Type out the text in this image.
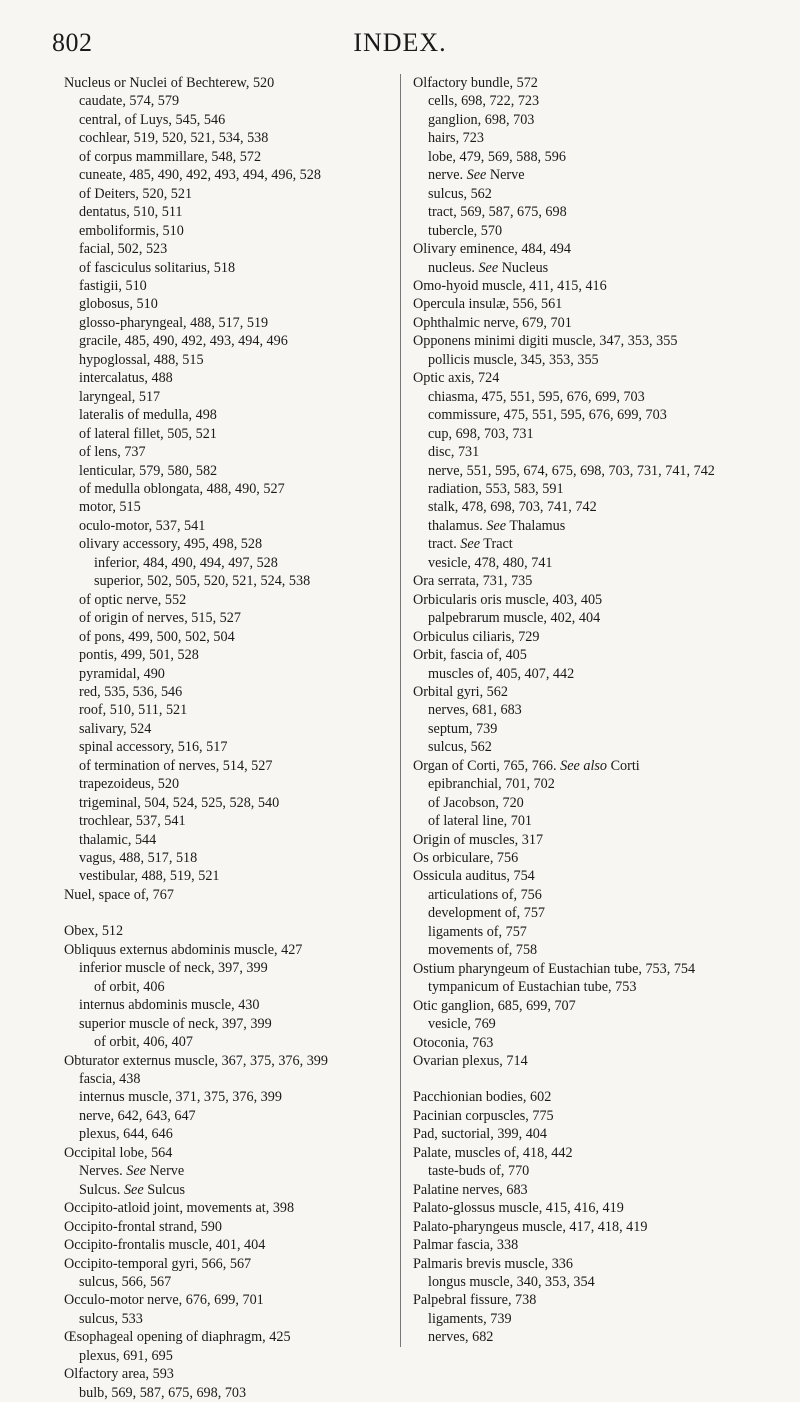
802	INDEX.
Nucleus or Nuclei of Bechterew, 520
caudate, 574, 579
central, of Luys, 545, 546
cochlear, 519, 520, 521, 534, 538
of corpus mammillare, 548, 572
cuneate, 485, 490, 492, 493, 494, 496, 528
of Deiters, 520, 521
dentatus, 510, 511
emboliformis, 510
facial, 502, 523
of fasciculus solitarius, 518
fastigii, 510
globosus, 510
glosso-pharyngeal, 488, 517, 519
gracile, 485, 490, 492, 493, 494, 496
hypoglossal, 488, 515
intercalatus, 488
laryngeal, 517
lateralis of medulla, 498
of lateral fillet, 505, 521
of lens, 737
lenticular, 579, 580, 582
of medulla oblongata, 488, 490, 527
motor, 515
oculo-motor, 537, 541
olivary accessory, 495, 498, 528
inferior, 484, 490, 494, 497, 528
superior, 502, 505, 520, 521, 524, 538
of optic nerve, 552
of origin of nerves, 515, 527
of pons, 499, 500, 502, 504
pontis, 499, 501, 528
pyramidal, 490
red, 535, 536, 546
roof, 510, 511, 521
salivary, 524
spinal accessory, 516, 517
of termination of nerves, 514, 527
trapezoideus, 520
trigeminal, 504, 524, 525, 528, 540
trochlear, 537, 541
thalamic, 544
vagus, 488, 517, 518
vestibular, 488, 519, 521
Nuel, space of, 767
Obex, 512
Obliquus externus abdominis muscle, 427
inferior muscle of neck, 397, 399
of orbit, 406
internus abdominis muscle, 430
superior muscle of neck, 397, 399
of orbit, 406, 407
Obturator externus muscle, 367, 375, 376, 399
fascia, 438
internus muscle, 371, 375, 376, 399
nerve, 642, 643, 647
plexus, 644, 646
Occipital lobe, 564
Nerves. See Nerve
Sulcus. See Sulcus
Occipito-atloid joint, movements at, 398
Occipito-frontal strand, 590
Occipito-frontalis muscle, 401, 404
Occipito-temporal gyri, 566, 567
sulcus, 566, 567
Occulo-motor nerve, 676, 699, 701
sulcus, 533
Œsophageal opening of diaphragm, 425
plexus, 691, 695
Olfactory area, 593
bulb, 569, 587, 675, 698, 703
Olfactory bundle, 572
cells, 698, 722, 723
ganglion, 698, 703
hairs, 723
lobe, 479, 569, 588, 596
nerve. See Nerve
sulcus, 562
tract, 569, 587, 675, 698
tubercle, 570
Olivary eminence, 484, 494
nucleus. See Nucleus
Omo-hyoid muscle, 411, 415, 416
Opercula insulæ, 556, 561
Ophthalmic nerve, 679, 701
Opponens minimi digiti muscle, 347, 353, 355
pollicis muscle, 345, 353, 355
Optic axis, 724
chiasma, 475, 551, 595, 676, 699, 703
commissure, 475, 551, 595, 676, 699, 703
cup, 698, 703, 731
disc, 731
nerve, 551, 595, 674, 675, 698, 703, 731, 741, 742
radiation, 553, 583, 591
stalk, 478, 698, 703, 741, 742
thalamus. See Thalamus
tract. See Tract
vesicle, 478, 480, 741
Ora serrata, 731, 735
Orbicularis oris muscle, 403, 405
palpebrarum muscle, 402, 404
Orbiculus ciliaris, 729
Orbit, fascia of, 405
muscles of, 405, 407, 442
Orbital gyri, 562
nerves, 681, 683
septum, 739
sulcus, 562
Organ of Corti, 765, 766. See also Corti
epibranchial, 701, 702
of Jacobson, 720
of lateral line, 701
Origin of muscles, 317
Os orbiculare, 756
Ossicula auditus, 754
articulations of, 756
development of, 757
ligaments of, 757
movements of, 758
Ostium pharyngeum of Eustachian tube, 753, 754
tympanicum of Eustachian tube, 753
Otic ganglion, 685, 699, 707
vesicle, 769
Otoconia, 763
Ovarian plexus, 714
Pacchionian bodies, 602
Pacinian corpuscles, 775
Pad, suctorial, 399, 404
Palate, muscles of, 418, 442
taste-buds of, 770
Palatine nerves, 683
Palato-glossus muscle, 415, 416, 419
Palato-pharyngeus muscle, 417, 418, 419
Palmar fascia, 338
Palmaris brevis muscle, 336
longus muscle, 340, 353, 354
Palpebral fissure, 738
ligaments, 739
nerves, 682
